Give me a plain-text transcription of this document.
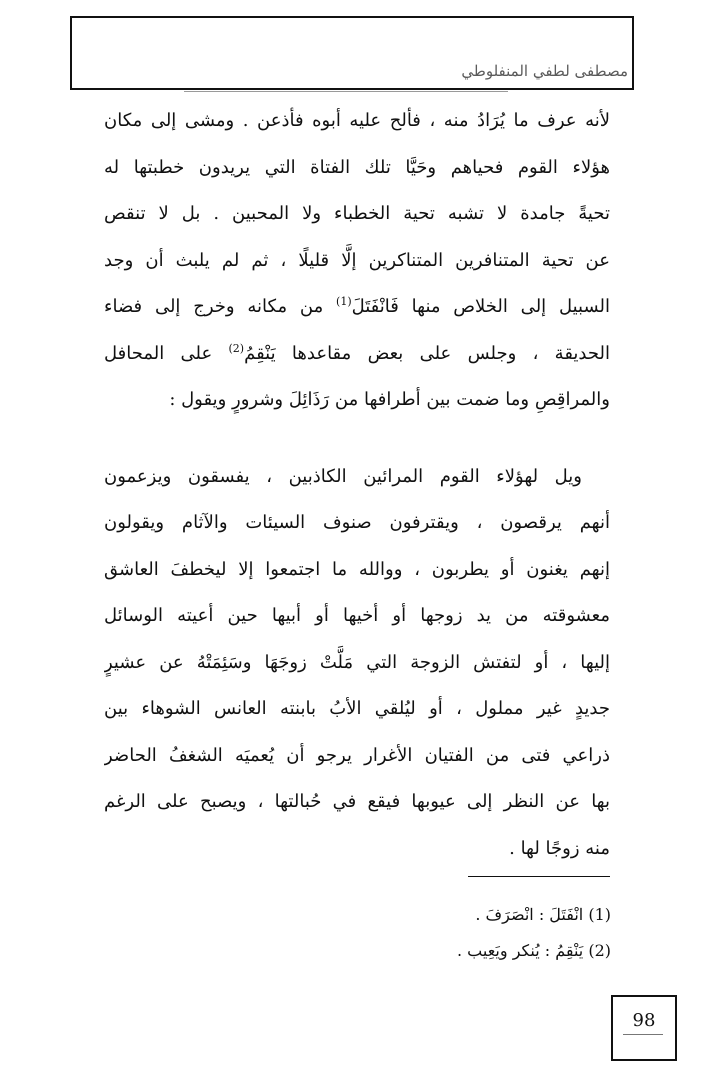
مصطفى لطفي المنفلوطي
لأنه عرف ما يُرَادُ منه ، فألح عليه أبوه فأذعن . ومشى إلى مكان
هؤلاء القوم فحياهم وحَيَّا تلك الفتاة التي يريدون خطبتها له
تحيةً جامدة لا تشبه تحية الخطباء ولا المحبين . بل لا تنقص
عن تحية المتنافرين المتناكرين إلَّا قليلًا ، ثم لم يلبث أن وجد
السبيل إلى الخلاص منها فَانْفَتَلَ$^{(1)}$ من مكانه وخرج إلى فضاء
الحديقة ، وجلس على بعض مقاعدها يَنْقِمُ$^{(2)}$ على المحافل
والمراقِصِ وما ضمت بين أطرافها من رَذَائِلَ وشرورٍ ويقول :
ويل لهؤلاء القوم المرائين الكاذبين ، يفسقون ويزعمون
أنهم يرقصون ، ويقترفون صنوف السيئات والآثام ويقولون
إنهم يغنون أو يطربون ، ووالله ما اجتمعوا إلا ليخطفَ العاشق
معشوقته من يد زوجها أو أخيها أو أبيها حين أعيته الوسائل
إليها ، أو لتفتش الزوجة التي مَلَّتْ زوجَهَا وسَئِمَتْهُ عن عشيرٍ
جديدٍ غير مملول ، أو ليُلقي الأبُ بابنته العانس الشوهاء بين
ذراعي فتى من الفتيان الأغرار يرجو أن يُعميَه الشغفُ الحاضر
بها عن النظر إلى عيوبها فيقع في حُبالتها ، ويصبح على الرغم
منه زوجًا لها .
(1) انْفَتَلَ : انْصَرَفَ .
(2) يَنْقِمُ : يُنكر ويَعِيب .
98
